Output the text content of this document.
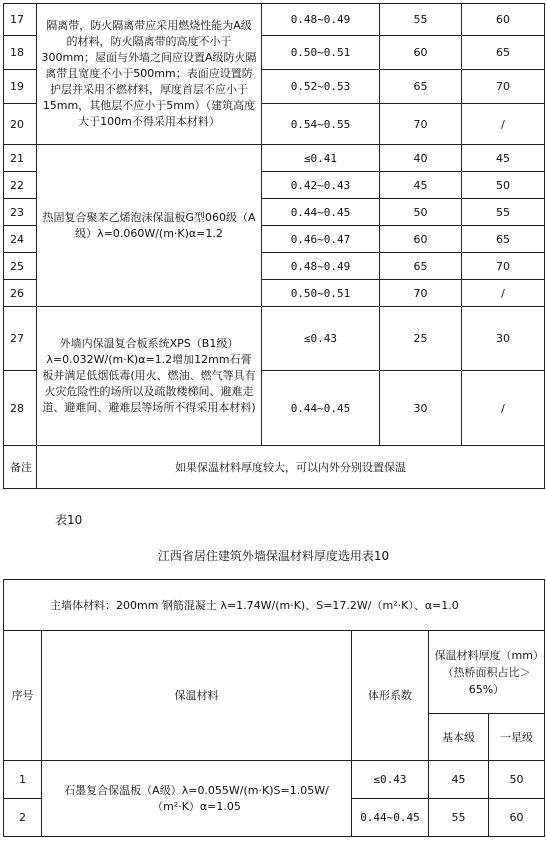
17	隔离带，防火隔离带应采用燃烧性能为A级的材料，防火隔离带的高度不小于300mm；屋面与外墙之间应设置A级防火隔离带且宽度不小于500mm；表面应设置防护层并采用不燃材料，厚度首层不应小于15mm，其他层不应小于5mm）（建筑高度大于100m不得采用本材料）	0.48~0.49	55	60
18		0.50~0.51	60	65
19		0.52~0.53	65	70
20		0.54~0.55	70	/
21	热固复合聚苯乙烯泡沫保温板G型060级（A级）λ=0.060W/(m·K)α=1.2	≤0.41	40	45
22		0.42~0.43	45	50
23		0.44~0.45	50	55
24		0.46~0.47	60	65
25		0.48~0.49	65	70
26		0.50~0.51	70	/
27	外墙内保温复合板系统XPS（B1级）λ=0.032W/(m·K)α=1.2增加12mm石膏板并满足低烟低毒(用火、燃油、燃气等具有火灾危险性的场所以及疏散楼梯间、避难走道、避难间、避难层等场所不得采用本材料)	≤0.43	25	30
28		0.44~0.45	30	/
备注	如果保温材料厚度较大，可以内外分别设置保温			
表10
江西省居住建筑外墙保温材料厚度选用表10
主墙体材料：200mm 钢筋混凝土 λ=1.74W/(m·K)、S=17.2W/（m²·K）、α=1.0				
序号	保温材料	体形系数	保温材料厚度（mm）（热桥面积占比＞65%）	
			基本级	一星级
1	石墨复合保温板（A级）λ=0.055W/(m·K)S=1.05W/（m²·K）α=1.05	≤0.43	45	50
2		0.44~0.45	55	60
